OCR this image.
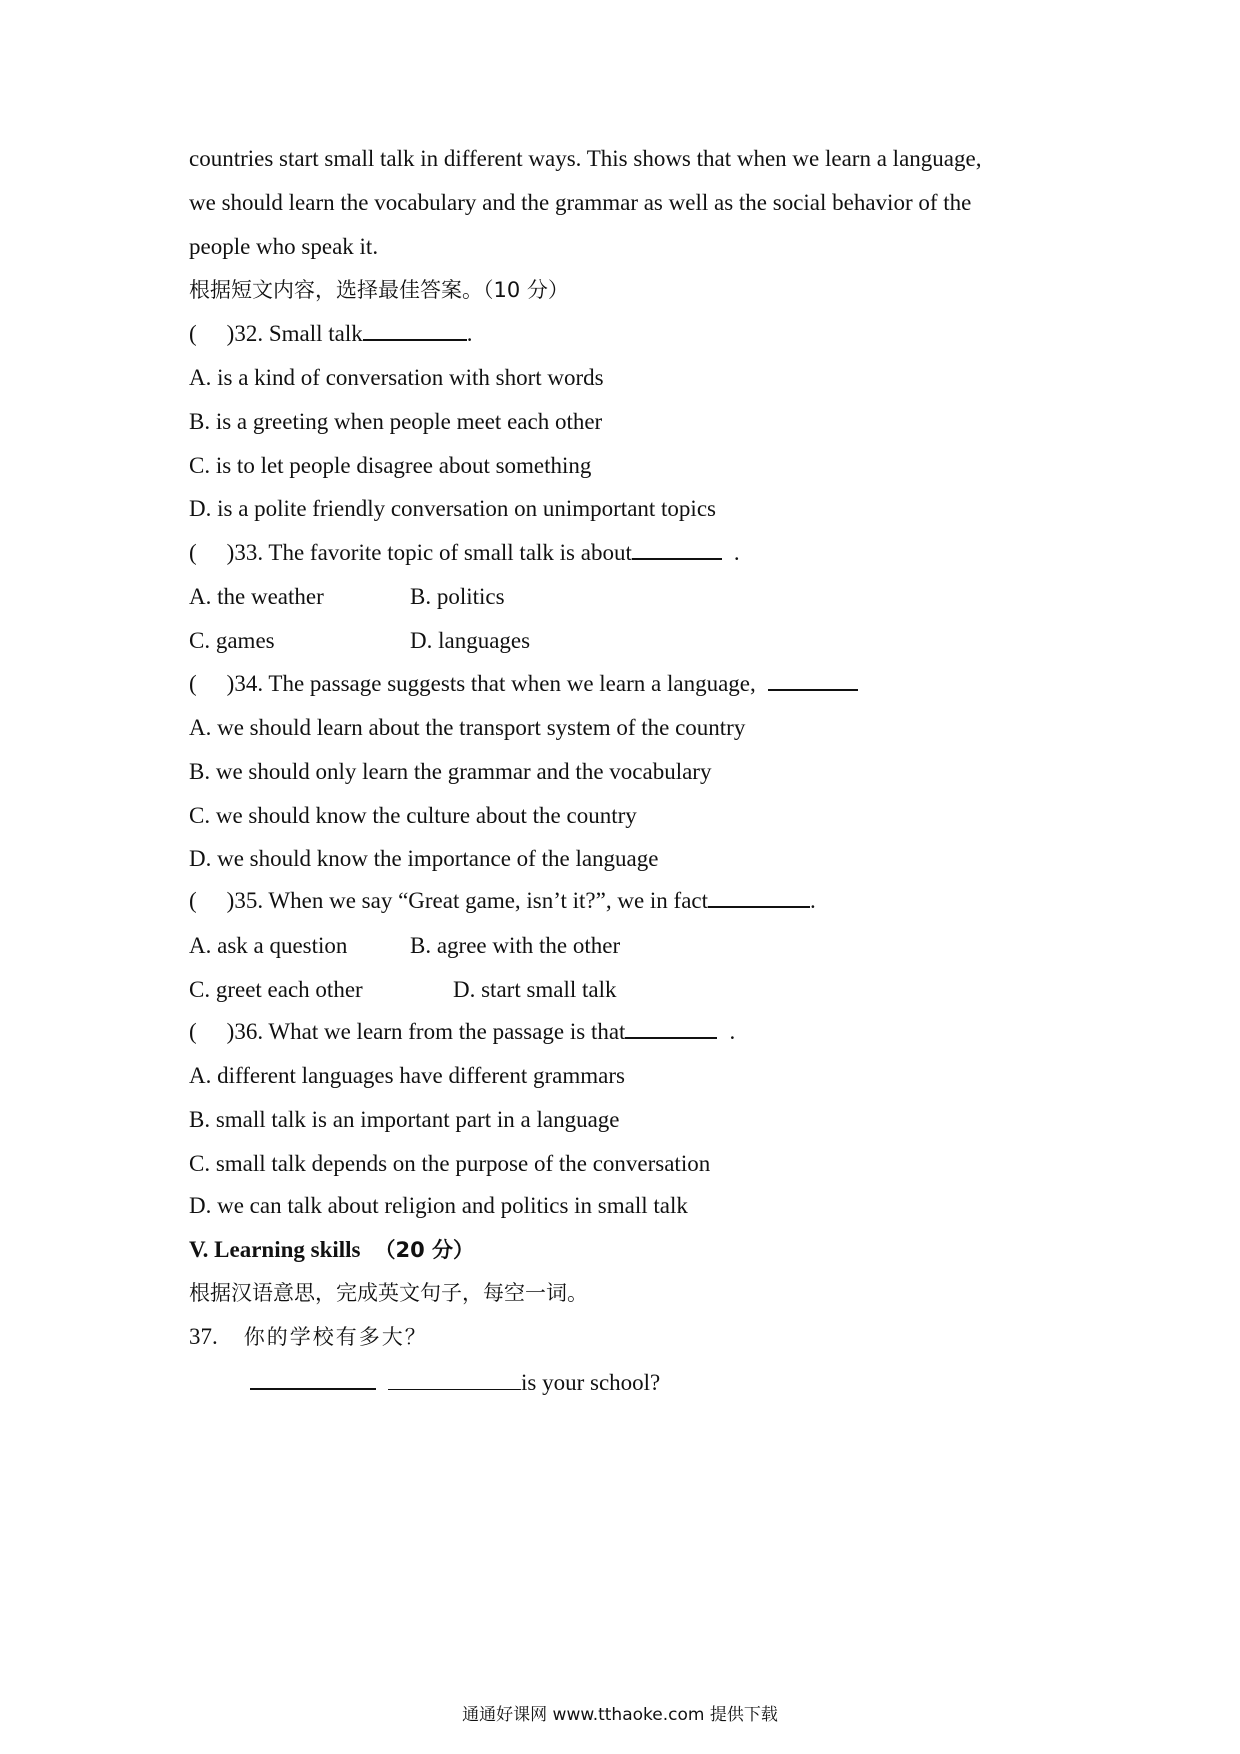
countries start small talk in different ways. This shows that when we learn a language,
we should learn the vocabulary and the grammar as well as the social behavior of the
people who speak it.
根据短文内容，选择最佳答案。（10 分）
( )32. Small talk	.
A. is a kind of conversation with short words
B. is a greeting when people meet each other
C. is to let people disagree about something
D. is a polite friendly conversation on unimportant topics
( )33. The favorite topic of small talk is about	.
A. the weather	B. politics
C. games	D. languages
( )34. The passage suggests that when we learn a language,
A. we should learn about the transport system of the country
B. we should only learn the grammar and the vocabulary
C. we should know the culture about the country
D. we should know the importance of the language
( )35. When we say “Great game, isn’t it?”, we in fact	.
A. ask a question	B. agree with the other
C. greet each other	D. start small talk
( )36. What we learn from the passage is that	.
A. different languages have different grammars
B. small talk is an important part in a language
C. small talk depends on the purpose of the conversation
D. we can talk about religion and politics in small talk
V. Learning skills （20 分）
根据汉语意思，完成英文句子，每空一词。
37. 你的学校有多大？
is your school?
通通好课网 www.tthaoke.com 提供下载
